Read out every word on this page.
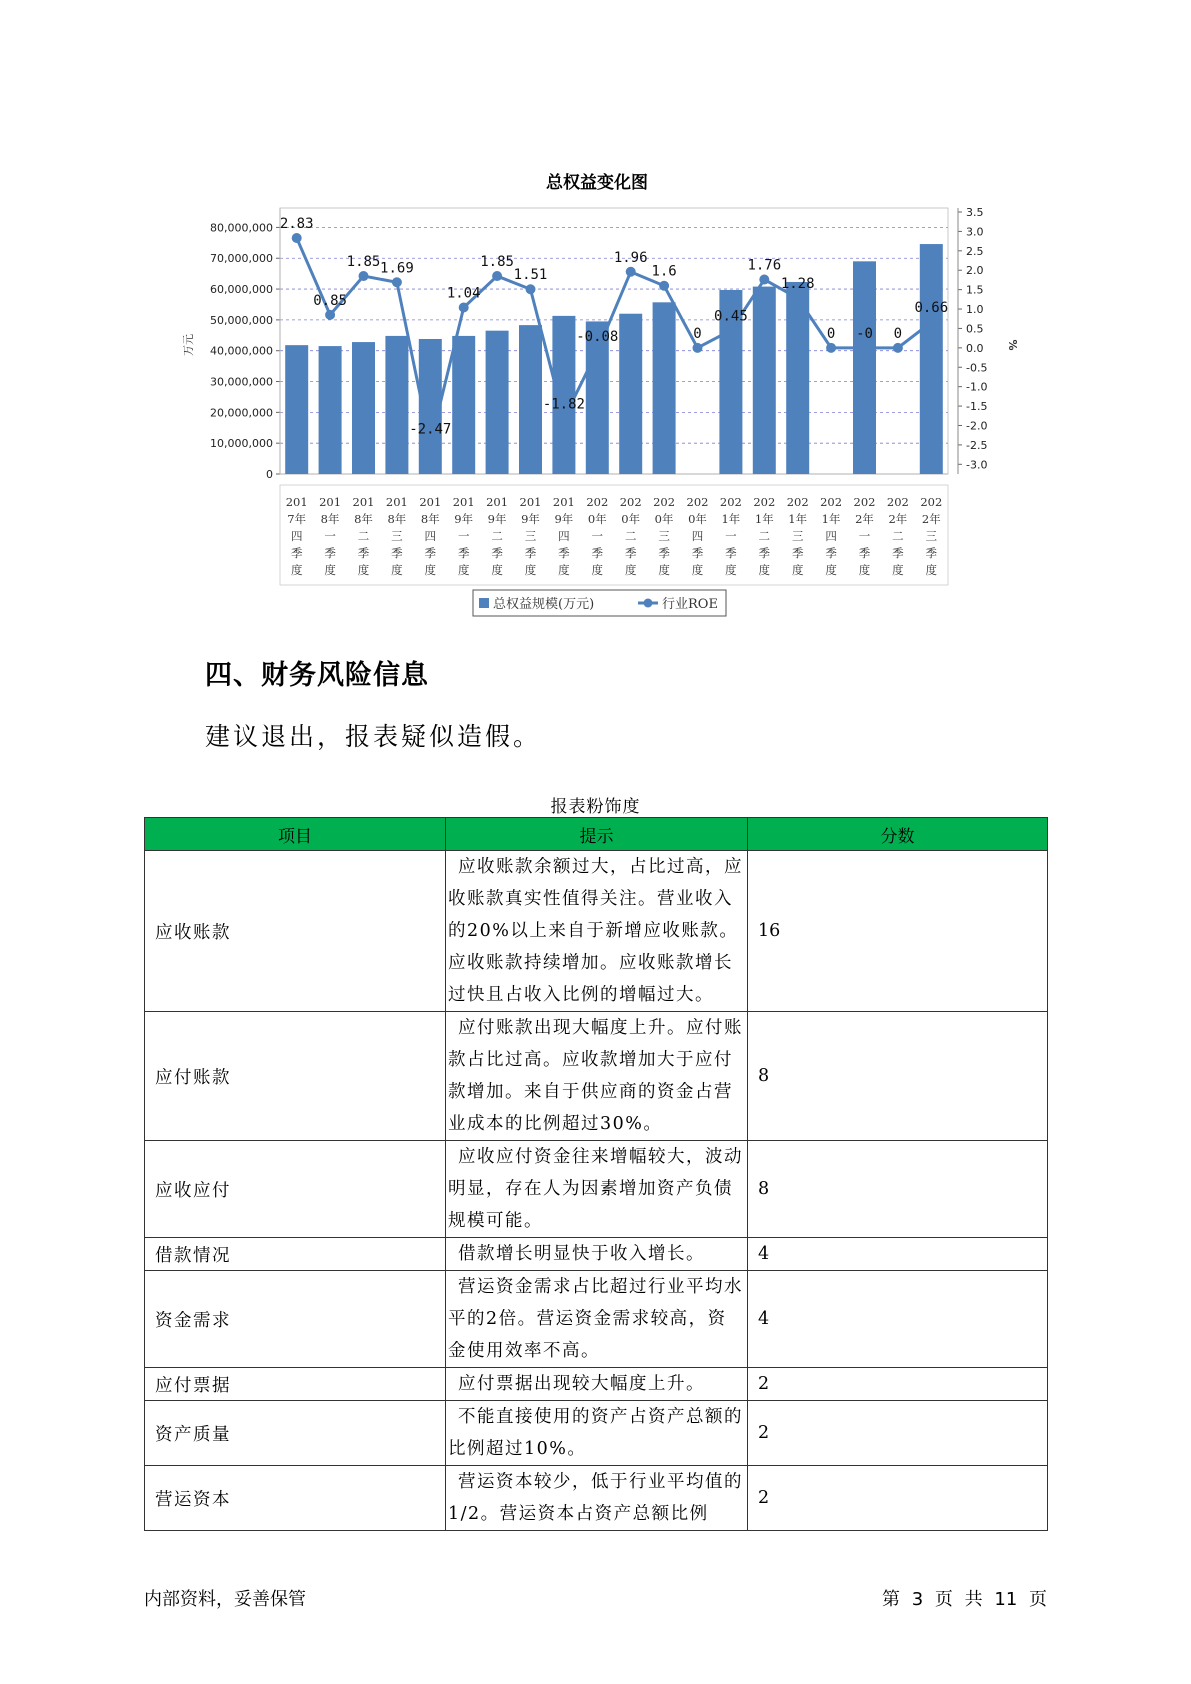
总权益变化图
80,000,000
70,000,000
60,000,000
50,000,000
40,000,000
30,000,000
20,000,000
10,000,000
0
3.5
3.0
2.5
2.0
1.5
1.0
0.5
0.0
-0.5
-1.0
-1.5
-2.0
-2.5
-3.0
万元	%
201
7年
四
季
度
201
8年
一
季
度
201
8年
二
季
度
201
8年
三
季
度
201
8年
四
季
度
201
9年
一
季
度
201
9年
二
季
度
201
9年
三
季
度
201
9年
四
季
度
202
0年
一
季
度
202
0年
二
季
度
202
0年
三
季
度
202
0年
四
季
度
202
1年
一
季
度
202
1年
二
季
度
202
1年
三
季
度
202
1年
四
季
度
202
2年
一
季
度
202
2年
二
季
度
202
2年
三
季
度
2.83
0.85
1.85 1.69
-2.47
1.04
1.85
1.51
-1.82
-0.08
1.96
1.6
0
0.45
1.76
1.28
0 -0 0
0.66
总权益规模(万元)	行业ROE
四、财务风险信息
建议退出，报表疑似造假。
报表粉饰度
项目	提示	分数
应收账款	应收账款余额过大，占比过高，应收账款真实性值得关注。营业收入的20%以上来自于新增应收账款。应收账款持续增加。应收账款增长过快且占收入比例的增幅过大。	16
应付账款	应付账款出现大幅度上升。应付账款占比过高。应收款增加大于应付款增加。来自于供应商的资金占营业成本的比例超过30%。	8
应收应付	应收应付资金往来增幅较大，波动明显，存在人为因素增加资产负债规模可能。	8
借款情况	借款增长明显快于收入增长。	4
资金需求	营运资金需求占比超过行业平均水平的2倍。营运资金需求较高，资金使用效率不高。	4
应付票据	应付票据出现较大幅度上升。	2
资产质量	不能直接使用的资产占资产总额的比例超过10%。	2
营运资本	营运资本较少，低于行业平均值的1/2。营运资本占资产总额比例	2
内部资料，妥善保管	第 3 页 共 11 页
